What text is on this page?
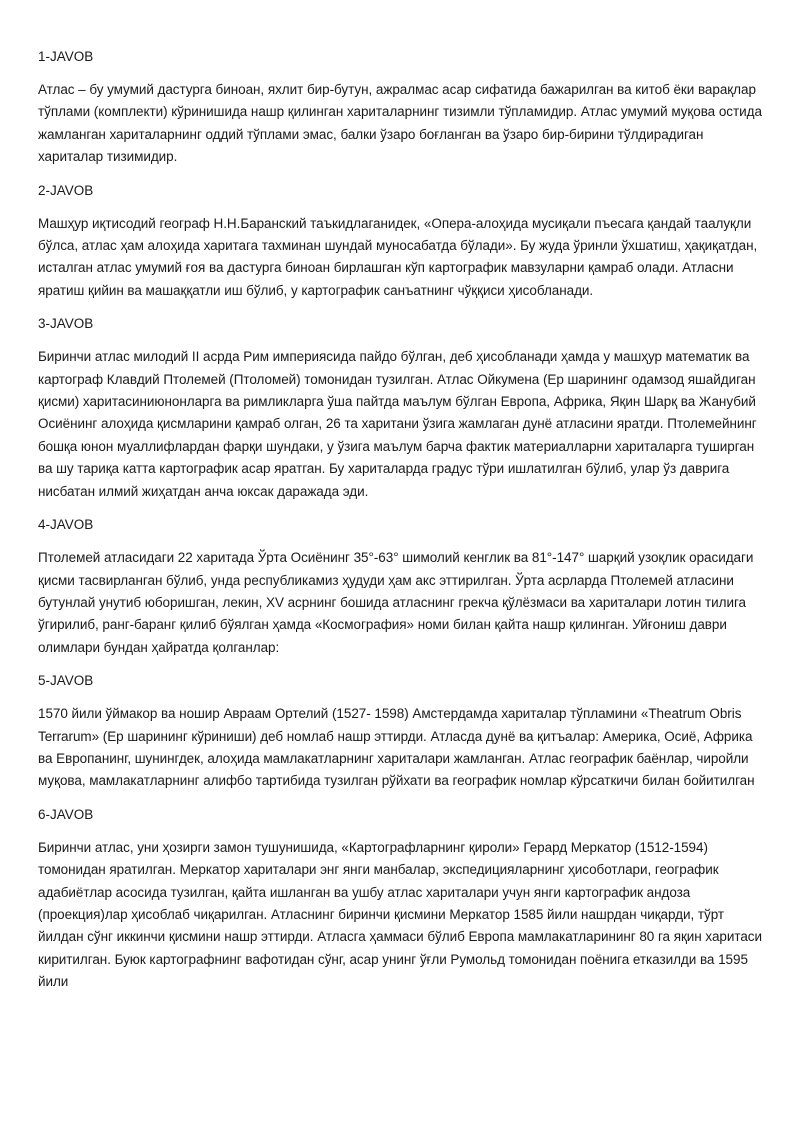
1-JAVOB
Атлас – бу умумий дастурга биноан, яхлит бир-бутун, ажралмас асар сифатида бажарилган ва китоб ёки варақлар тўплами (комплекти) кўринишида нашр қилинган хариталарнинг тизимли тўпламидир. Атлас умумий муқова остида жамланган хариталарнинг оддий тўплами эмас, балки ўзаро боғланган ва ўзаро бир-бирини тўлдирадиган хариталар тизимидир.
2-JAVOB
Машҳур иқтисодий географ Н.Н.Баранский таъкидлаганидек, «Опера-алоҳида мусиқали пъесага қандай таалуқли бўлса, атлас ҳам алоҳида харитага тахминан шундай муносабатда бўлади». Бу жуда ўринли ўхшатиш, ҳақиқатдан, исталган атлас умумий ғоя ва дастурга биноан бирлашган кўп картографик мавзуларни қамраб олади. Атласни яратиш қийин ва машаққатли иш бўлиб, у картографик санъатнинг чўққиси ҳисобланади.
3-JAVOB
Биринчи атлас милодий II асрда Рим империясида пайдо бўлган, деб ҳисобланади ҳамда у машҳур математик ва картограф Клавдий Птолемей (Птоломей) томонидан тузилган. Атлас Ойкумена (Ер шарининг одамзод яшайдиган қисми) харитасиниюнонларга ва римликларга ўша пайтда маълум бўлган Европа, Африка, Яқин Шарқ ва Жанубий Осиёнинг алоҳида қисмларини қамраб олган, 26 та харитани ўзига жамлаган дунё атласини яратди. Птолемейнинг бошқа юнон муаллифлардан фарқи шундаки, у ўзига маълум барча фактик материалларни хариталарга туширган ва шу тариқа катта картографик асар яратган. Бу хариталарда градус тўри ишлатилган бўлиб, улар ўз даврига нисбатан илмий жиҳатдан анча юксак даражада эди.
4-JAVOB
Птолемей атласидаги 22 харитада Ўрта Осиёнинг 35°-63° шимолий кенглик ва 81°-147° шарқий узоқлик орасидаги қисми тасвирланган бўлиб, унда республикамиз ҳудуди ҳам акс эттирилган. Ўрта асрларда Птолемей атласини бутунлай унутиб юборишган, лекин, XV асрнинг бошида атласнинг грекча қўлёзмаси ва хариталари лотин тилига ўгирилиб, ранг-баранг қилиб бўялган ҳамда «Космография» номи билан қайта нашр қилинган. Уйғониш даври олимлари бундан ҳайратда қолганлар:
5-JAVOB
1570 йили ўймакор ва ношир Авраам Ортелий (1527- 1598) Амстердамда хариталар тўпламини «Theatrum Obris Terrarum» (Ер шарининг кўриниши) деб номлаб нашр эттирди. Атласда дунё ва қитъалар: Америка, Осиё, Африка ва Европанинг, шунингдек, алоҳида мамлакатларнинг хариталари жамланган. Атлас географик баёнлар, чиройли муқова, мамлакатларнинг алифбо тартибида тузилган рўйхати ва географик номлар кўрсаткичи билан бойитилган
6-JAVOB
Биринчи атлас, уни ҳозирги замон тушунишида, «Картографларнинг қироли» Герард Меркатор (1512-1594) томонидан яратилган. Меркатор хариталари энг янги манбалар, экспедицияларнинг ҳисоботлари, географик адабиётлар асосида тузилган, қайта ишланган ва ушбу атлас хариталари учун янги картографик андоза (проекция)лар ҳисоблаб чиқарилган. Атласнинг биринчи қисмини Меркатор 1585 йили нашрдан чиқарди, тўрт йилдан сўнг иккинчи қисмини нашр эттирди. Атласга ҳаммаси бўлиб Европа мамлакатларининг 80 га яқин харитаси киритилган. Буюк картографнинг вафотидан сўнг, асар унинг ўғли Румольд томонидан поёнига етказилди ва 1595 йили
